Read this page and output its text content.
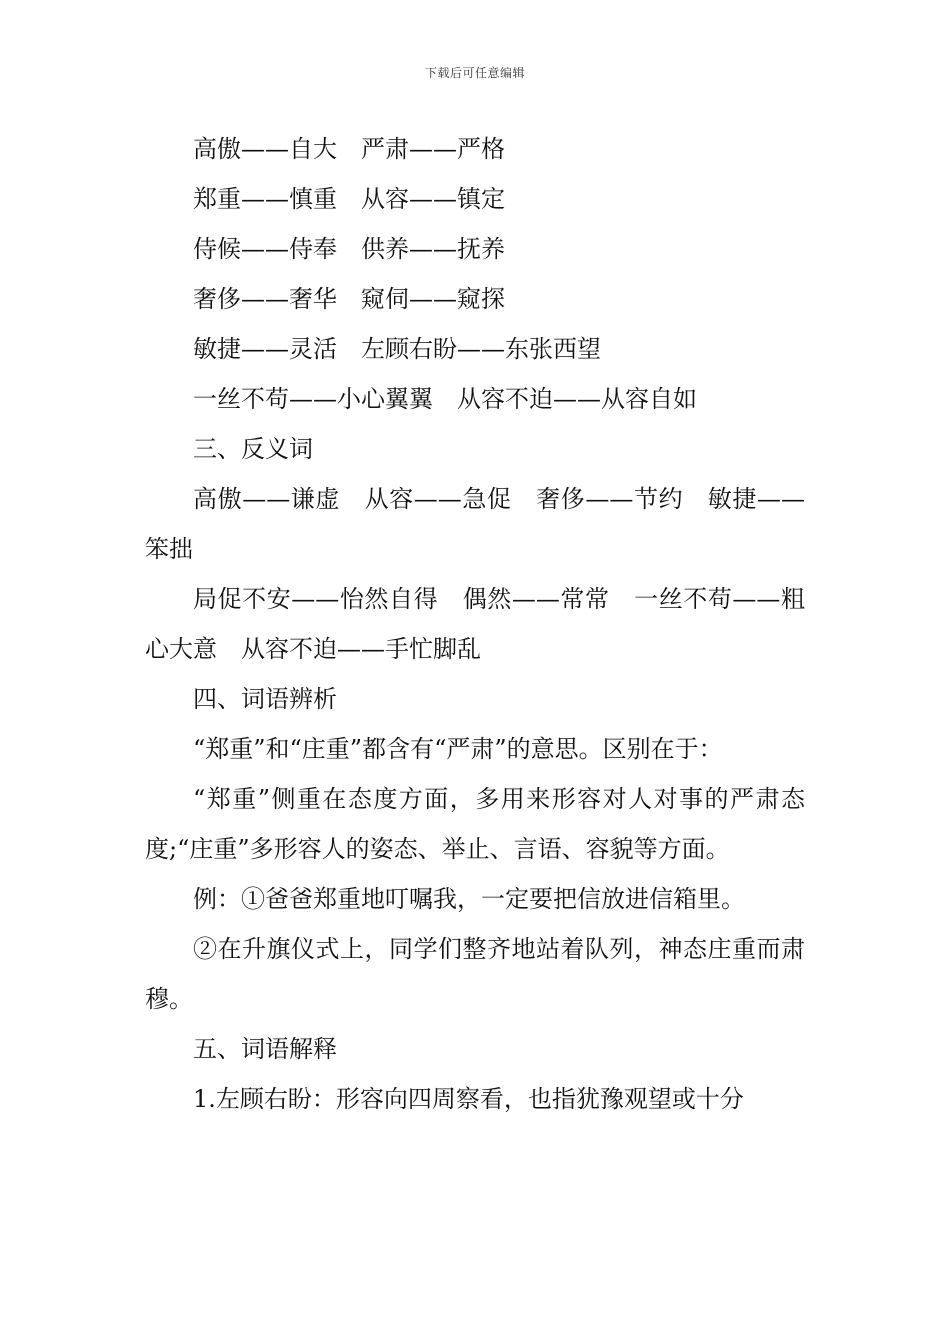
下载后可任意编辑

高傲——自大　严肃——严格

郑重——慎重　从容——镇定

侍候——侍奉　供养——抚养

奢侈——奢华　窥伺——窥探

敏捷——灵活　左顾右盼——东张西望

一丝不苟——小心翼翼　从容不迫——从容自如

三、反义词

高傲——谦虚　从容——急促　奢侈——节约　敏捷——笨拙

局促不安——怡然自得　偶然——常常　一丝不苟——粗心大意　从容不迫——手忙脚乱

四、词语辨析

“郑重”和“庄重”都含有“严肃”的意思。区别在于：

“郑重”侧重在态度方面，多用来形容对人对事的严肃态度;“庄重”多形容人的姿态、举止、言语、容貌等方面。

例：①爸爸郑重地叮嘱我，一定要把信放进信箱里。

②在升旗仪式上，同学们整齐地站着队列，神态庄重而肃穆。

五、词语解释

1.左顾右盼：形容向四周察看，也指犹豫观望或十分
